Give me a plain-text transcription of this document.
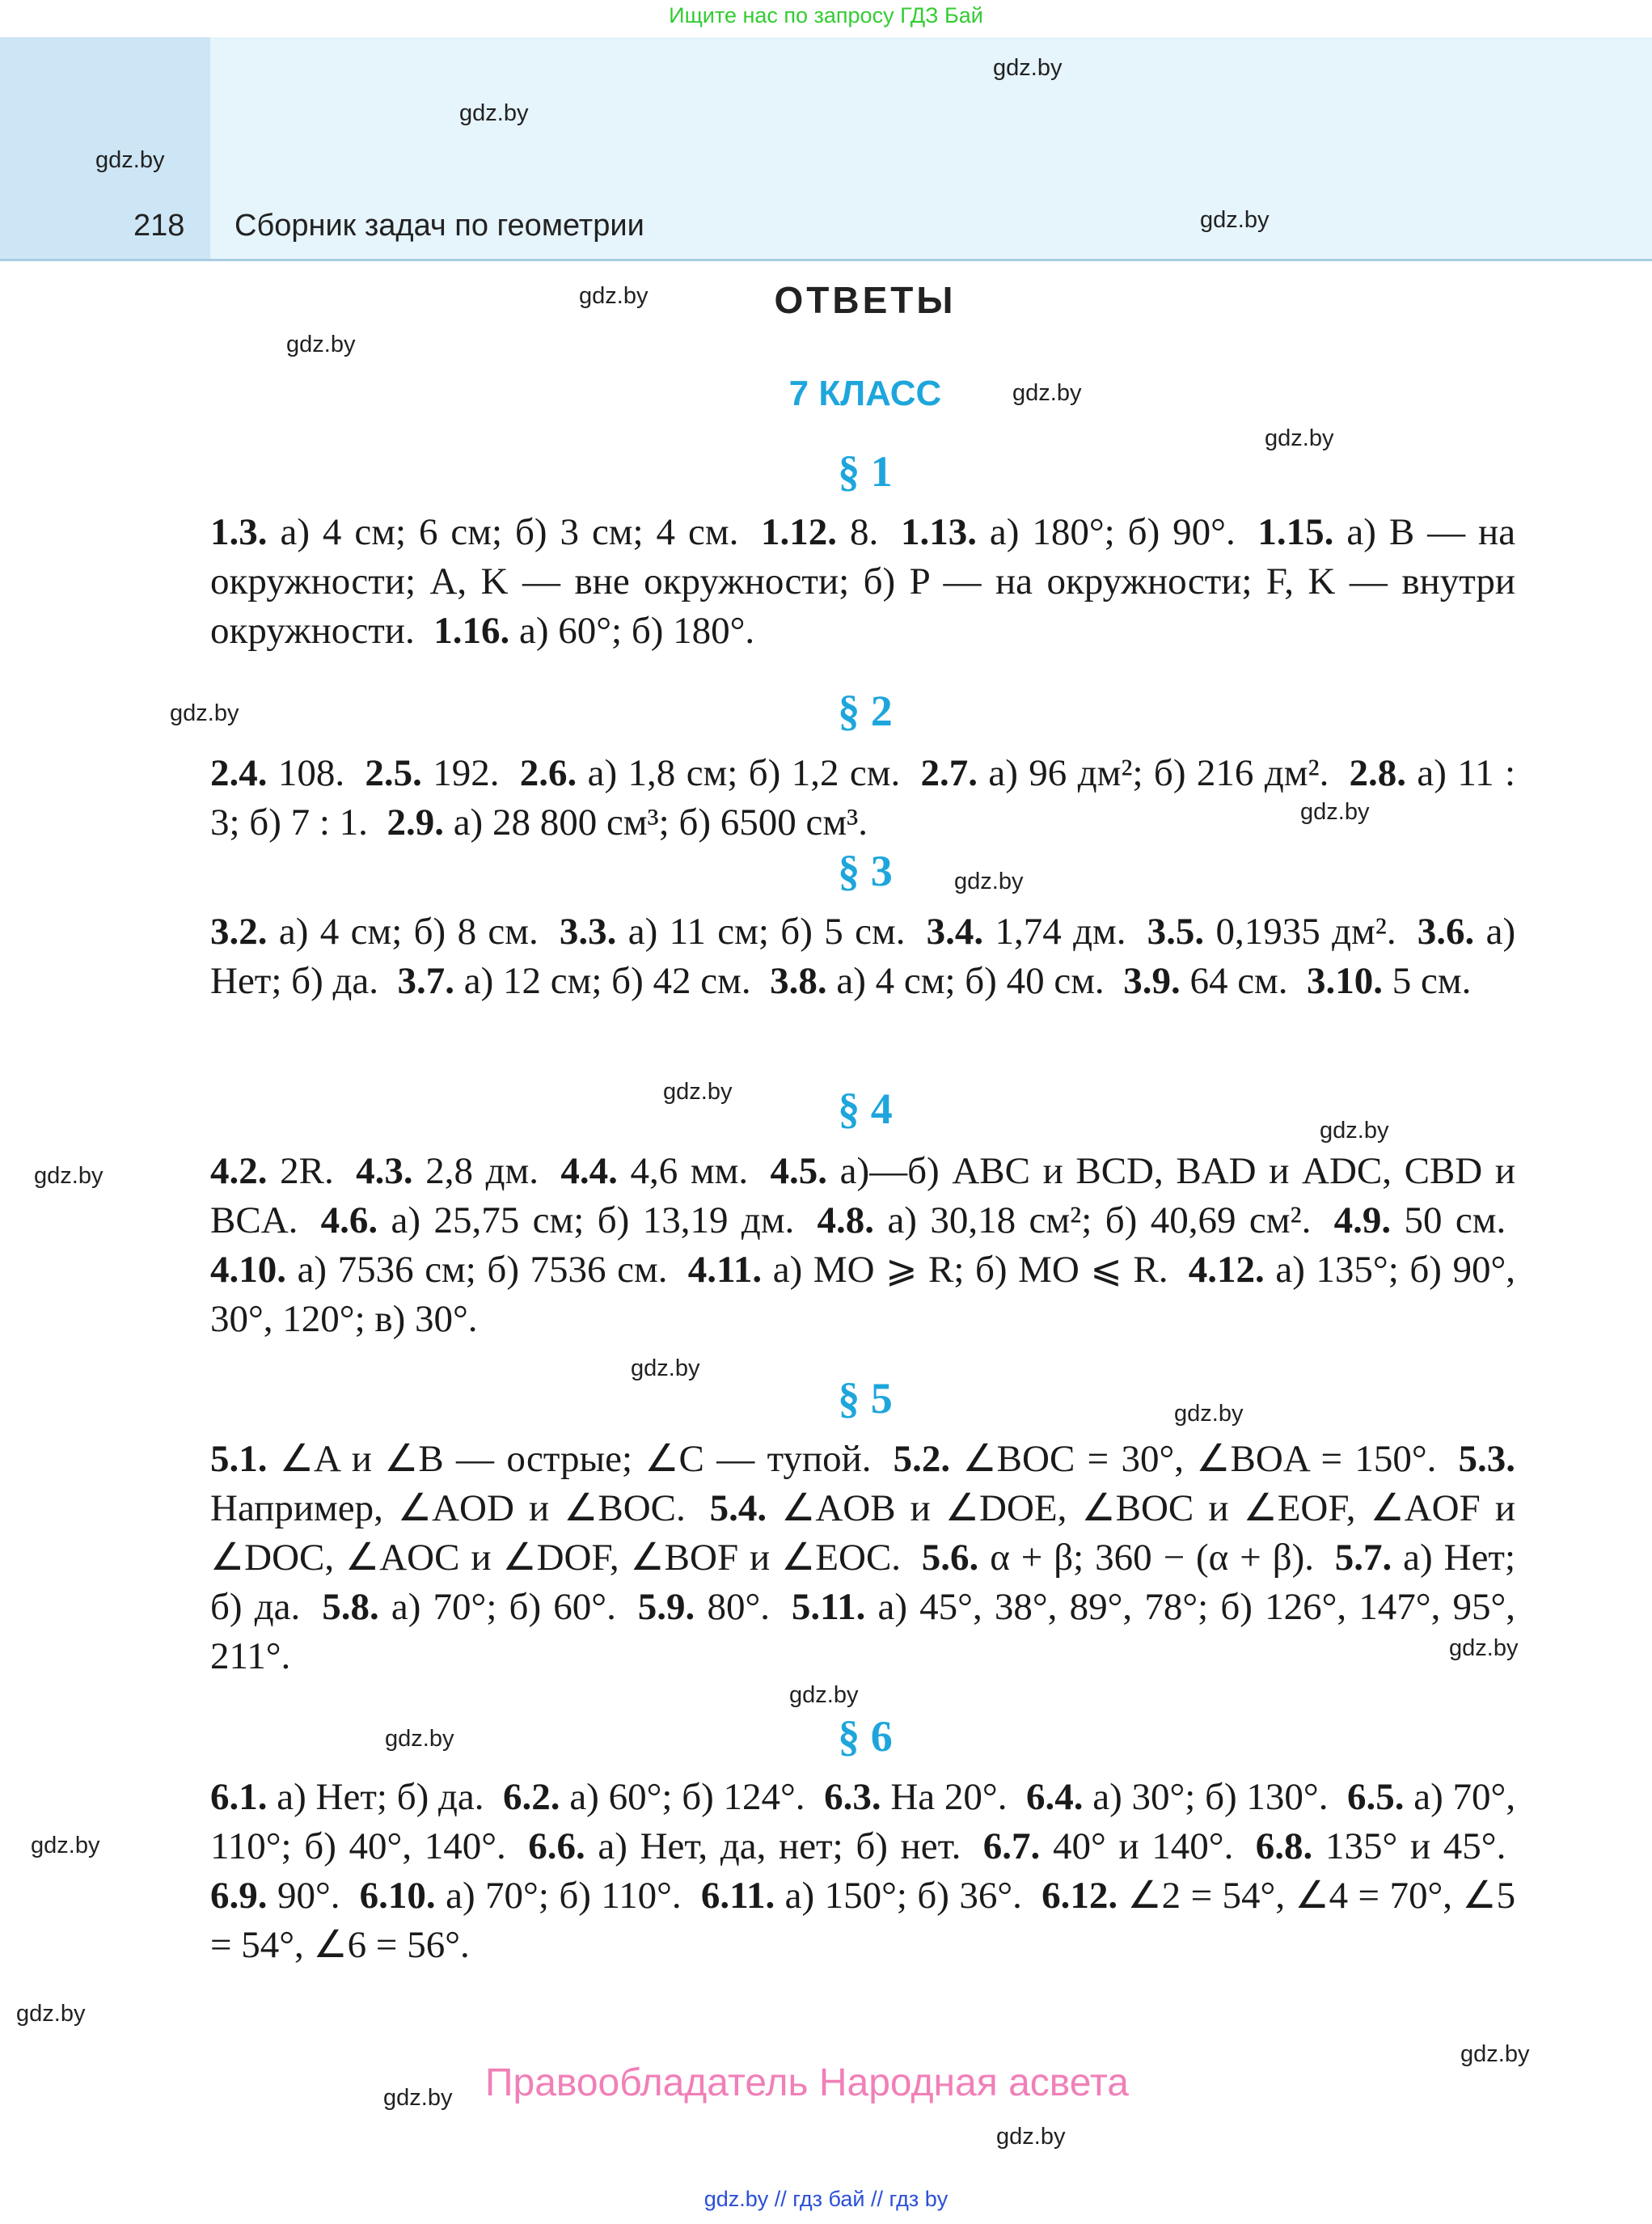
Ищите нас по запросу ГДЗ Бай
218 Сборник задач по геометрии
ОТВЕТЫ
7 КЛАСС
§ 1
1.3. а) 4 см; 6 см; б) 3 см; 4 см. 1.12. 8. 1.13. а) 180°; б) 90°. 1.15. а) B — на окружности; A, K — вне окружности; б) P — на окружности; F, K — внутри окружности. 1.16. а) 60°; б) 180°.
§ 2
2.4. 108. 2.5. 192. 2.6. а) 1,8 см; б) 1,2 см. 2.7. а) 96 дм²; б) 216 дм². 2.8. а) 11 : 3; б) 7 : 1. 2.9. а) 28 800 см³; б) 6500 см³.
§ 3
3.2. а) 4 см; б) 8 см. 3.3. а) 11 см; б) 5 см. 3.4. 1,74 дм. 3.5. 0,1935 дм². 3.6. а) Нет; б) да. 3.7. а) 12 см; б) 42 см. 3.8. а) 4 см; б) 40 см. 3.9. 64 см. 3.10. 5 см.
§ 4
4.2. 2R. 4.3. 2,8 дм. 4.4. 4,6 мм. 4.5. а)—б) ABC и BCD, BAD и ADC, CBD и BCA. 4.6. а) 25,75 см; б) 13,19 дм. 4.8. а) 30,18 см²; б) 40,69 см². 4.9. 50 см. 4.10. а) 7536 см; б) 7536 см. 4.11. а) MO ⩾ R; б) MO ⩽ R. 4.12. а) 135°; б) 90°, 30°, 120°; в) 30°.
§ 5
5.1. ∠A и ∠B — острые; ∠C — тупой. 5.2. ∠BOC = 30°, ∠BOA = 150°. 5.3. Например, ∠AOD и ∠BOC. 5.4. ∠AOB и ∠DOE, ∠BOC и ∠EOF, ∠AOF и ∠DOC, ∠AOC и ∠DOF, ∠BOF и ∠EOC. 5.6. α + β; 360 − (α + β). 5.7. а) Нет; б) да. 5.8. а) 70°; б) 60°. 5.9. 80°. 5.11. а) 45°, 38°, 89°, 78°; б) 126°, 147°, 95°, 211°.
§ 6
6.1. а) Нет; б) да. 6.2. а) 60°; б) 124°. 6.3. На 20°. 6.4. а) 30°; б) 130°. 6.5. а) 70°, 110°; б) 40°, 140°. 6.6. а) Нет, да, нет; б) нет. 6.7. 40° и 140°. 6.8. 135° и 45°. 6.9. 90°. 6.10. а) 70°; б) 110°. 6.11. а) 150°; б) 36°. 6.12. ∠2 = 54°, ∠4 = 70°, ∠5 = 54°, ∠6 = 56°.
gdz.by
gdz.by
gdz.by
gdz.by
gdz.by
gdz.by
gdz.by
gdz.by
gdz.by
gdz.by
gdz.by
gdz.by
gdz.by
gdz.by
gdz.by
gdz.by
gdz.by
gdz.by
gdz.by
gdz.by
gdz.by
gdz.by
gdz.by
gdz.by
Правообладатель Народная асвета
gdz.by // гдз бай // гдз by
